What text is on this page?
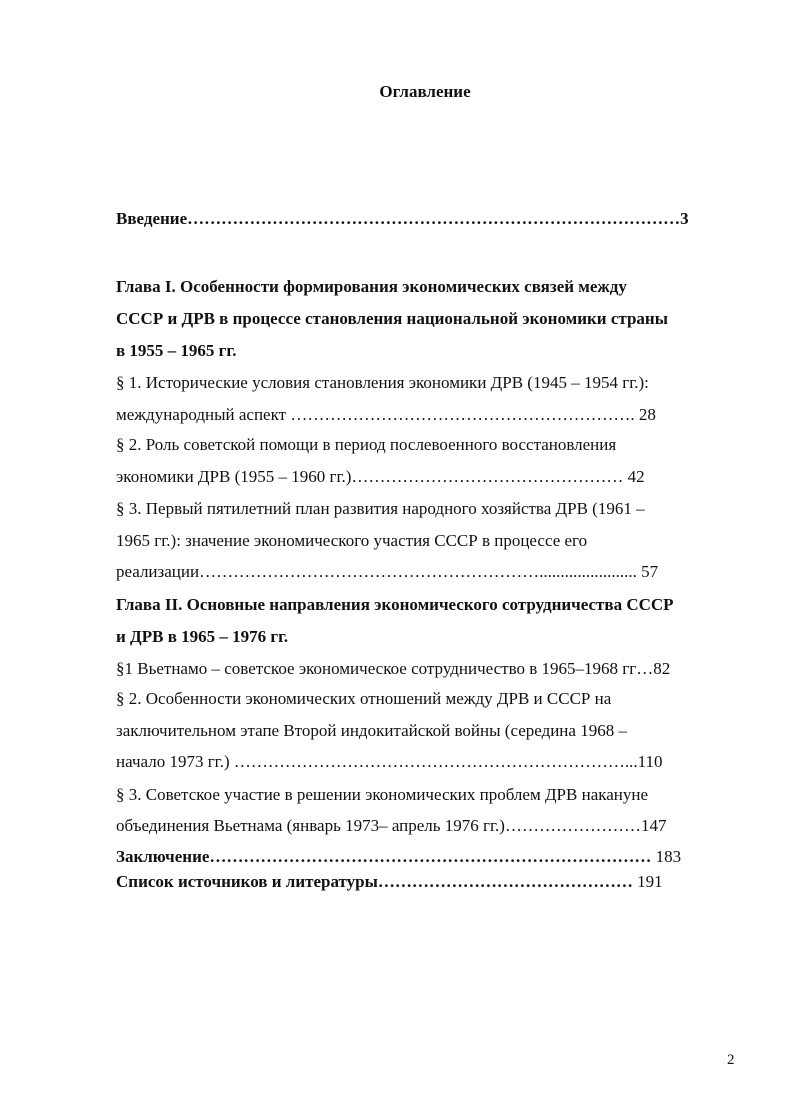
Оглавление
Введение……………………………………………………………………………3
Глава I. Особенности формирования экономических связей между
СССР и ДРВ в процессе становления национальной экономики страны
в 1955 – 1965 гг.
§ 1. Исторические условия становления экономики ДРВ (1945 – 1954 гг.):
международный аспект ……………………………………………………. 28
§ 2. Роль советской помощи в период послевоенного восстановления
экономики ДРВ (1955 – 1960 гг.)………………………………………… 42
§ 3. Первый пятилетний план развития народного хозяйства ДРВ (1961 –
1965 гг.): значение экономического участия СССР в процессе его
реализации……………………………………………………....................... 57
Глава II. Основные направления экономического сотрудничества СССР
и ДРВ в 1965 – 1976 гг.
§1 Вьетнамо – советское экономическое сотрудничество в 1965–1968 гг…82
§ 2. Особенности экономических отношений между ДРВ и СССР на
заключительном этапе Второй индокитайской войны (середина 1968 –
начало 1973 гг.) ……………………………………………………………...110
§ 3. Советское участие в решении экономических проблем ДРВ накануне
объединения Вьетнама (январь 1973– апрель 1976 гг.)……………………147
Заключение…………………………………………………………………… 183
Список источников и литературы……………………………………… 191
2
